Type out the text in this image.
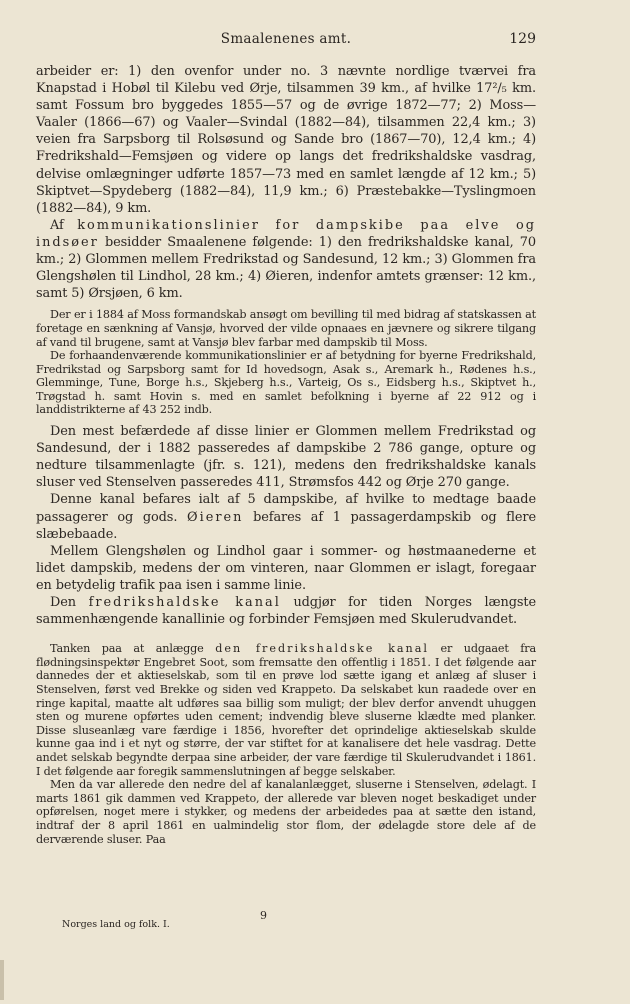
Smaalenenes amt.	129

arbeider er: 1) den ovenfor under no. 3 nævnte nordlige tværvei fra Knapstad i Hobøl til Kilebu ved Ørje, tilsammen 39 km., af hvilke 17²/₅ km. samt Fossum bro byggedes 1855—57 og de øvrige 1872—77; 2) Moss—Vaaler (1866—67) og Vaaler—Svindal (1882—84), tilsammen 22,4 km.; 3) veien fra Sarpsborg til Rolsøsund og Sande bro (1867—70), 12,4 km.; 4) Fredrikshald—Femsjøen og videre op langs det fredrikshaldske vasdrag, delvise omlægninger udførte 1857—73 med en samlet længde af 12 km.; 5) Skiptvet—Spydeberg (1882—84), 11,9 km.; 6) Præstebakke—Tyslingmoen (1882—84), 9 km.

Af kommunikationslinier for dampskibe paa elve og indsøer besidder Smaalenene følgende: 1) den fredrikshaldske kanal, 70 km.; 2) Glommen mellem Fredrikstad og Sandesund, 12 km.; 3) Glommen fra Glengshølen til Lindhol, 28 km.; 4) Øieren, indenfor amtets grænser: 12 km., samt 5) Ørsjøen, 6 km.

Der er i 1884 af Moss formandskab ansøgt om bevilling til med bidrag af statskassen at foretage en sænkning af Vansjø, hvorved der vilde opnaaes en jævnere og sikrere tilgang af vand til brugene, samt at Vansjø blev farbar med dampskib til Moss.

De forhaandenværende kommunikationslinier er af betydning for byerne Fredrikshald, Fredrikstad og Sarpsborg samt for Id hovedsogn, Asak s., Aremark h., Rødenes h.s., Glemminge, Tune, Borge h.s., Skjeberg h.s., Varteig, Os s., Eidsberg h.s., Skiptvet h., Trøgstad h. samt Hovin s. med en samlet befolkning i byerne af 22 912 og i landdistrikterne af 43 252 indb.

Den mest befærdede af disse linier er Glommen mellem Fredrikstad og Sandesund, der i 1882 passeredes af dampskibe 2 786 gange, opture og nedture tilsammenlagte (jfr. s. 121), medens den fredrikshaldske kanals sluser ved Stenselven passeredes 411, Strømsfos 442 og Ørje 270 gange.

Denne kanal befares ialt af 5 dampskibe, af hvilke to medtage baade passagerer og gods. Øieren befares af 1 passagerdampskib og flere slæbebaade.

Mellem Glengshølen og Lindhol gaar i sommer- og høstmaanederne et lidet dampskib, medens der om vinteren, naar Glommen er islagt, foregaar en betydelig trafik paa isen i samme linie.

Den fredrikshaldske kanal udgjør for tiden Norges længste sammenhængende kanallinie og forbinder Femsjøen med Skulerudvandet.

Tanken paa at anlægge den fredrikshaldske kanal er udgaaet fra flødningsinspektør Engebret Soot, som fremsatte den offentlig i 1851. I det følgende aar dannedes der et aktieselskab, som til en prøve lod sætte igang et anlæg af sluser i Stenselven, først ved Brekke og siden ved Krappeto. Da selskabet kun raadede over en ringe kapital, maatte alt udføres saa billig som muligt; der blev derfor anvendt uhuggen sten og murene opførtes uden cement; indvendig bleve sluserne klædte med planker. Disse sluseanlæg vare færdige i 1856, hvorefter det oprindelige aktieselskab skulde kunne gaa ind i et nyt og større, der var stiftet for at kanalisere det hele vasdrag. Dette andet selskab begyndte derpaa sine arbeider, der vare færdige til Skulerudvandet i 1861. I det følgende aar foregik sammenslutningen af begge selskaber.

Men da var allerede den nedre del af kanalanlægget, sluserne i Stenselven, ødelagt. I marts 1861 gik dammen ved Krappeto, der allerede var bleven noget beskadiget under opførelsen, noget mere i stykker, og medens der arbeidedes paa at sætte den istand, indtraf der 8 april 1861 en ualmindelig stor flom, der ødelagde store dele af de derværende sluser. Paa

9
Norges land og folk. I.
